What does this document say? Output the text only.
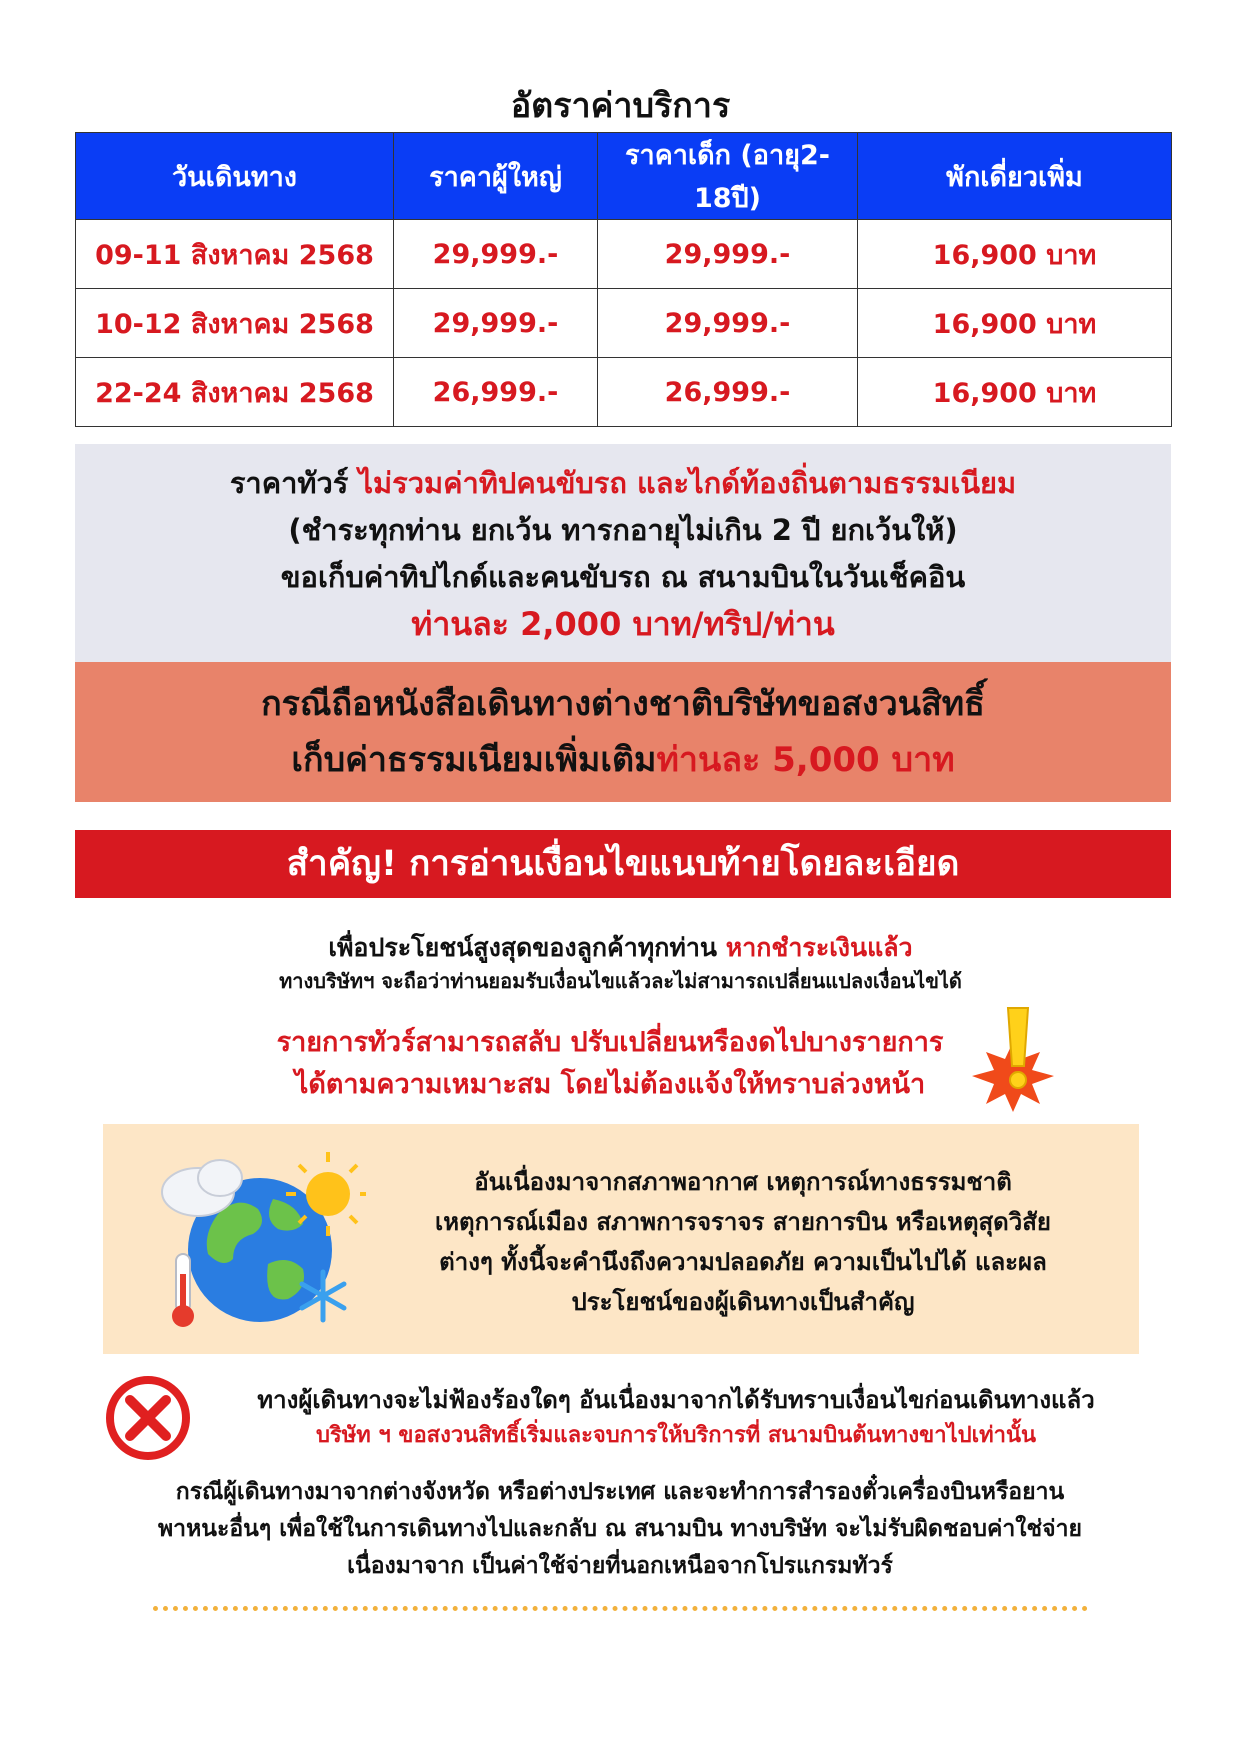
อัตราค่าบริการ
วันเดินทาง	ราคาผู้ใหญ่	ราคาเด็ก (อายุ2-18ปี)	พักเดี่ยวเพิ่ม
09-11 สิงหาคม 2568	29,999.-	29,999.-	16,900 บาท
10-12 สิงหาคม 2568	29,999.-	29,999.-	16,900 บาท
22-24 สิงหาคม 2568	26,999.-	26,999.-	16,900 บาท
ราคาทัวร์ ไม่รวมค่าทิปคนขับรถ และไกด์ท้องถิ่นตามธรรมเนียม
(ชำระทุกท่าน ยกเว้น ทารกอายุไม่เกิน 2 ปี ยกเว้นให้)
ขอเก็บค่าทิปไกด์และคนขับรถ ณ สนามบินในวันเช็คอิน
ท่านละ 2,000 บาท/ทริป/ท่าน
กรณีถือหนังสือเดินทางต่างชาติบริษัทขอสงวนสิทธิ์
เก็บค่าธรรมเนียมเพิ่มเติมท่านละ 5,000 บาท
สำคัญ! การอ่านเงื่อนไขแนบท้ายโดยละเอียด
เพื่อประโยชน์สูงสุดของลูกค้าทุกท่าน หากชำระเงินแล้ว
ทางบริษัทฯ จะถือว่าท่านยอมรับเงื่อนไขแล้วละไม่สามารถเปลี่ยนแปลงเงื่อนไขได้
รายการทัวร์สามารถสลับ ปรับเปลี่ยนหรืองดไปบางรายการ
ได้ตามความเหมาะสม โดยไม่ต้องแจ้งให้ทราบล่วงหน้า
อันเนื่องมาจากสภาพอากาศ เหตุการณ์ทางธรรมชาติ
เหตุการณ์เมือง สภาพการจราจร สายการบิน หรือเหตุสุดวิสัย
ต่างๆ ทั้งนี้จะคำนึงถึงความปลอดภัย ความเป็นไปได้ และผล
ประโยชน์ของผู้เดินทางเป็นสำคัญ
ทางผู้เดินทางจะไม่ฟ้องร้องใดๆ อันเนื่องมาจากได้รับทราบเงื่อนไขก่อนเดินทางแล้ว
บริษัท ฯ ขอสงวนสิทธิ์เริ่มและจบการให้บริการที่ สนามบินต้นทางขาไปเท่านั้น
กรณีผู้เดินทางมาจากต่างจังหวัด หรือต่างประเทศ และจะทำการสำรองตั๋วเครื่องบินหรือยาน
พาหนะอื่นๆ เพื่อใช้ในการเดินทางไปและกลับ ณ สนามบิน ทางบริษัท จะไม่รับผิดชอบค่าใช่จ่าย
เนื่องมาจาก เป็นค่าใช้จ่ายที่นอกเหนือจากโปรแกรมทัวร์
